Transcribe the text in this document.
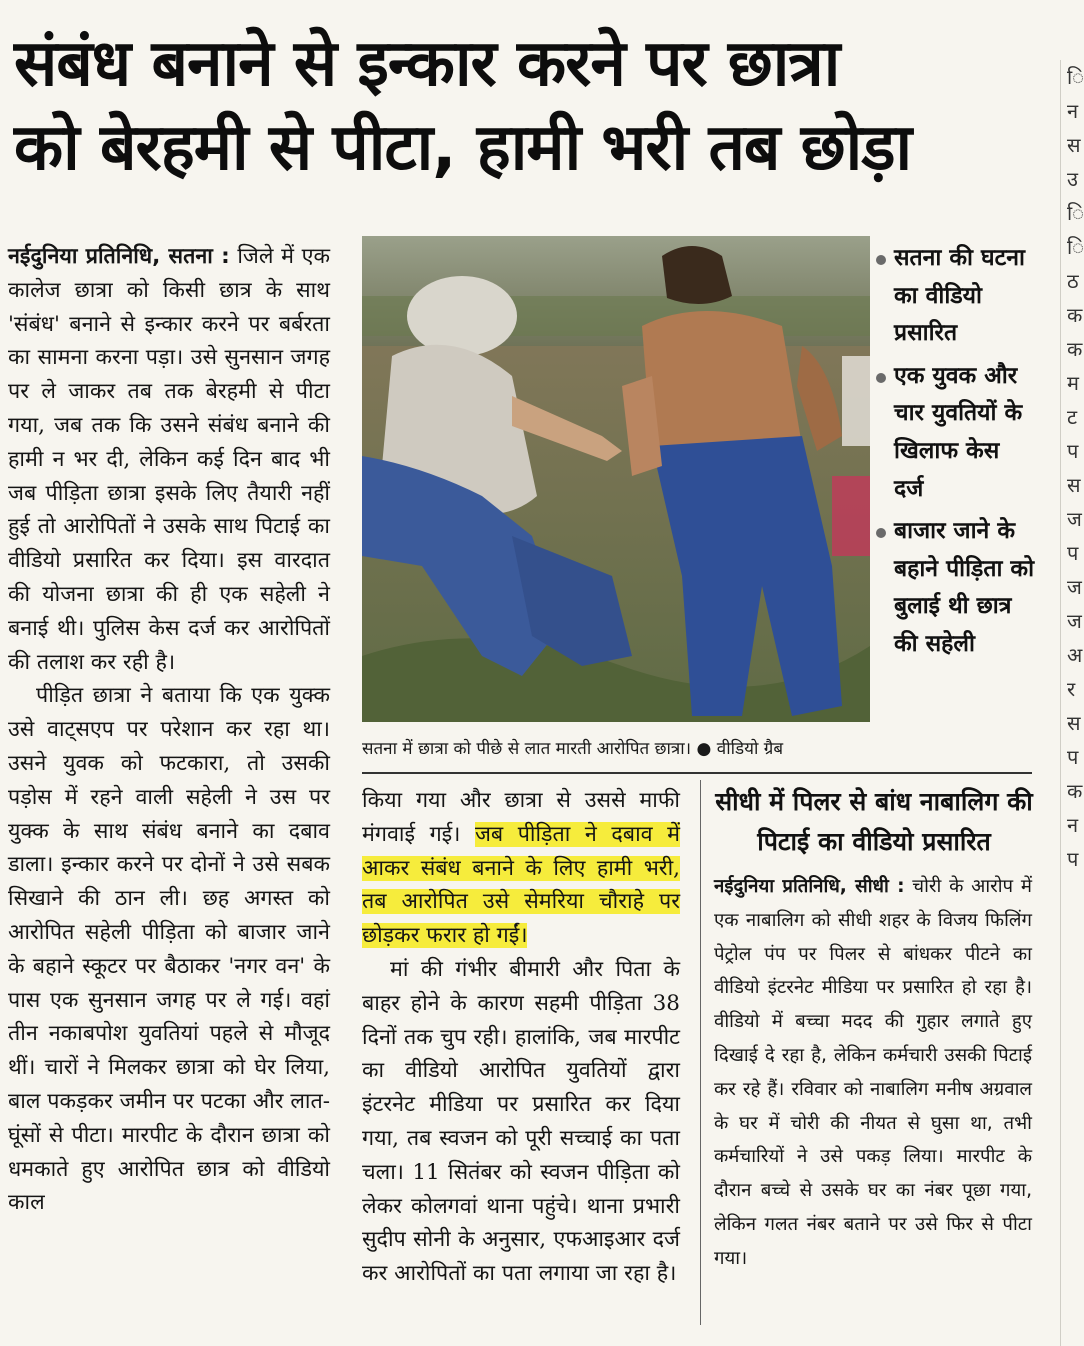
संबंध बनाने से इन्कार करने पर छात्रा
को बेरहमी से पीटा, हामी भरी तब छोड़ा

नईदुनिया प्रतिनिधि, सतना : जिले में एक कालेज छात्रा को किसी छात्र के साथ 'संबंध' बनाने से इन्कार करने पर बर्बरता का सामना करना पड़ा। उसे सुनसान जगह पर ले जाकर तब तक बेरहमी से पीटा गया, जब तक कि उसने संबंध बनाने की हामी न भर दी, लेकिन कई दिन बाद भी जब पीड़िता छात्रा इसके लिए तैयारी नहीं हुई तो आरोपितों ने उसके साथ पिटाई का वीडियो प्रसारित कर दिया। इस वारदात की योजना छात्रा की ही एक सहेली ने बनाई थी। पुलिस केस दर्ज कर आरोपितों की तलाश कर रही है।

पीड़ित छात्रा ने बताया कि एक युक्क उसे वाट्सएप पर परेशान कर रहा था। उसने युवक को फटकारा, तो उसकी पड़ोस में रहने वाली सहेली ने उस पर युक्क के साथ संबंध बनाने का दबाव डाला। इन्कार करने पर दोनों ने उसे सबक सिखाने की ठान ली। छह अगस्त को आरोपित सहेली पीड़िता को बाजार जाने के बहाने स्कूटर पर बैठाकर 'नगर वन' के पास एक सुनसान जगह पर ले गई। वहां तीन नकाबपोश युवतियां पहले से मौजूद थीं। चारों ने मिलकर छात्रा को घेर लिया, बाल पकड़कर जमीन पर पटका और लात-घूंसों से पीटा। मारपीट के दौरान छात्रा को धमकाते हुए आरोपित छात्र को वीडियो काल

सतना की घटना का वीडियो प्रसारित
एक युवक और चार युवतियों के खिलाफ केस दर्ज
बाजार जाने के बहाने पीड़िता को बुलाई थी छात्र की सहेली
सतना में छात्रा को पीछे से लात मारती आरोपित छात्रा। ● वीडियो ग्रैब

किया गया और छात्रा से उससे माफी मंगवाई गई। जब पीड़िता ने दबाव में आकर संबंध बनाने के लिए हामी भरी, तब आरोपित उसे सेमरिया चौराहे पर छोड़कर फरार हो गईं।

मां की गंभीर बीमारी और पिता के बाहर होने के कारण सहमी पीड़िता 38 दिनों तक चुप रही। हालांकि, जब मारपीट का वीडियो आरोपित युवतियों द्वारा इंटरनेट मीडिया पर प्रसारित कर दिया गया, तब स्वजन को पूरी सच्चाई का पता चला। 11 सितंबर को स्वजन पीड़िता को लेकर कोलगवां थाना पहुंचे। थाना प्रभारी सुदीप सोनी के अनुसार, एफआइआर दर्ज कर आरोपितों का पता लगाया जा रहा है।

सीधी में पिलर से बांध नाबालिग की पिटाई का वीडियो प्रसारित

नईदुनिया प्रतिनिधि, सीधी : चोरी के आरोप में एक नाबालिग को सीधी शहर के विजय फिलिंग पेट्रोल पंप पर पिलर से बांधकर पीटने का वीडियो इंटरनेट मीडिया पर प्रसारित हो रहा है। वीडियो में बच्चा मदद की गुहार लगाते हुए दिखाई दे रहा है, लेकिन कर्मचारी उसकी पिटाई कर रहे हैं। रविवार को नाबालिग मनीष अग्रवाल के घर में चोरी की नीयत से घुसा था, तभी कर्मचारियों ने उसे पकड़ लिया। मारपीट के दौरान बच्चे से उसके घर का नंबर पूछा गया, लेकिन गलत नंबर बताने पर उसे फिर से पीटा गया।

ि
न
स
उ
ि
ि
ठ
क
क
म
ट
प
स
ज
प
ज
ज
अ
र
स
प
क
न
प
